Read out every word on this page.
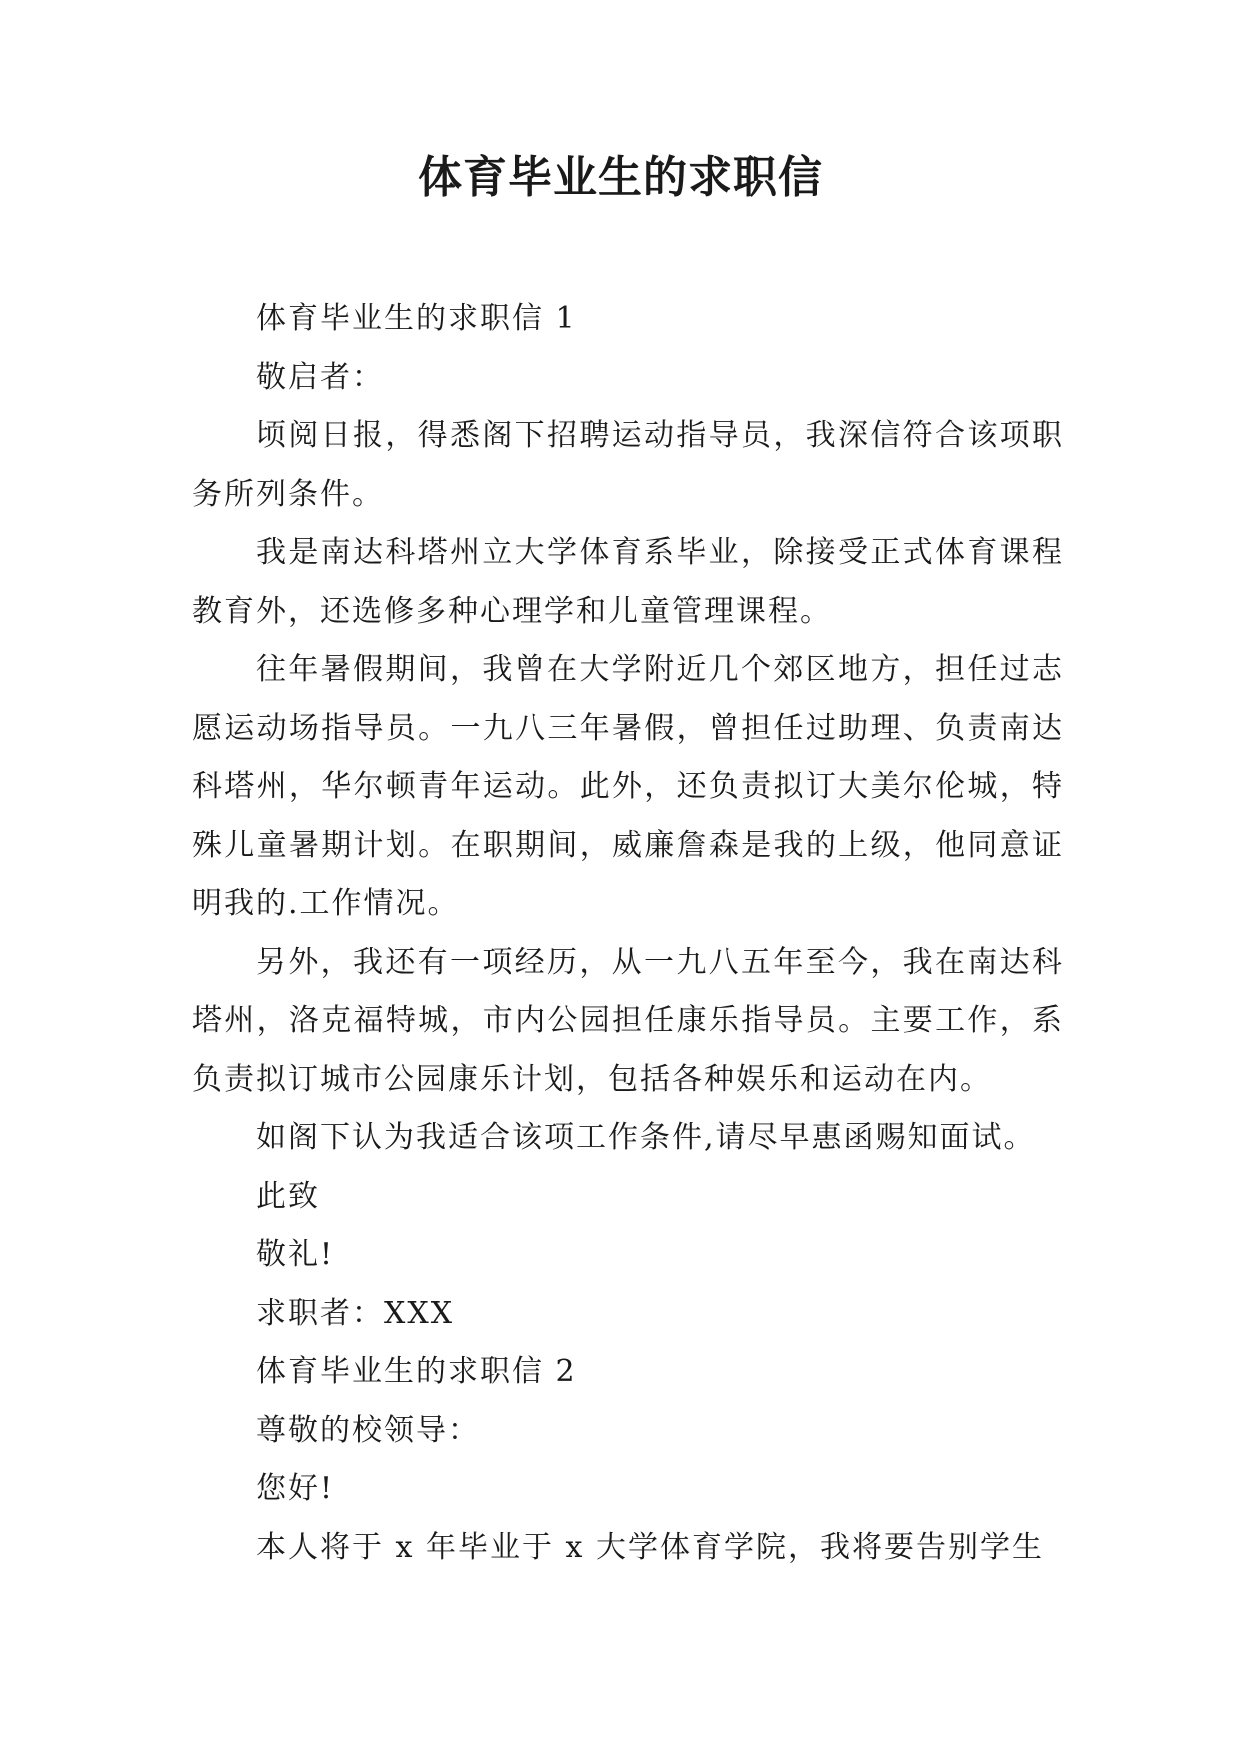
体育毕业生的求职信

体育毕业生的求职信 1

敬启者：

顷阅日报，得悉阁下招聘运动指导员，我深信符合该项职务所列条件。

我是南达科塔州立大学体育系毕业，除接受正式体育课程教育外，还选修多种心理学和儿童管理课程。

往年暑假期间，我曾在大学附近几个郊区地方，担任过志愿运动场指导员。一九八三年暑假，曾担任过助理、负责南达科塔州，华尔顿青年运动。此外，还负责拟订大美尔伦城，特殊儿童暑期计划。在职期间，威廉詹森是我的上级，他同意证明我的.工作情况。

另外，我还有一项经历，从一九八五年至今，我在南达科塔州，洛克福特城，市内公园担任康乐指导员。主要工作，系负责拟订城市公园康乐计划，包括各种娱乐和运动在内。

如阁下认为我适合该项工作条件,请尽早惠函赐知面试。

此致

敬礼!

求职者：XXX

体育毕业生的求职信 2

尊敬的校领导：

您好!

本人将于 x 年毕业于 x 大学体育学院，我将要告别学生
